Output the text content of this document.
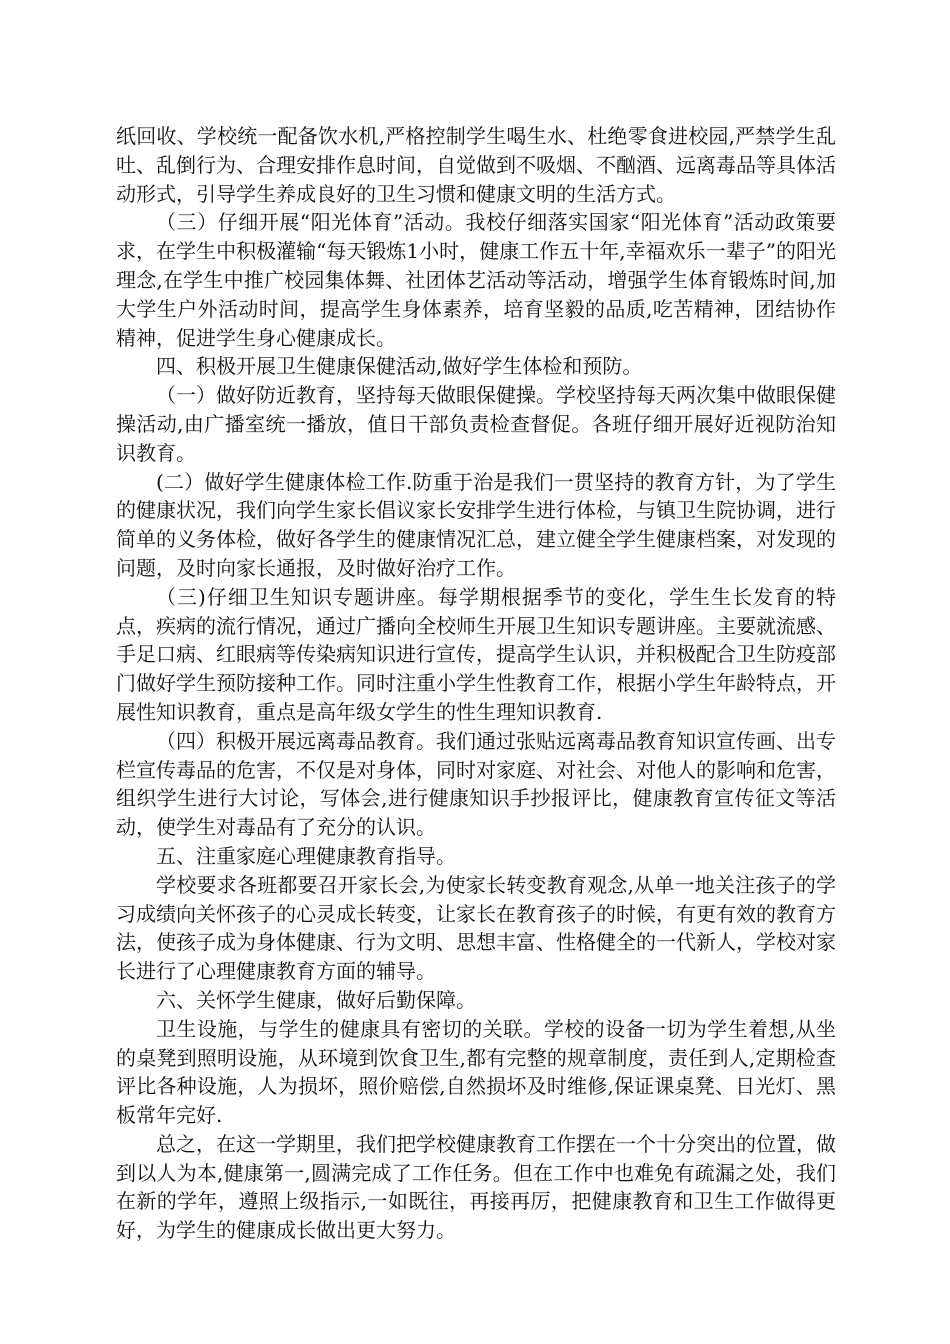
纸回收、学校统一配备饮水机,严格控制学生喝生水、杜绝零食进校园,严禁学生乱吐、乱倒行为、合理安排作息时间，自觉做到不吸烟、不酗酒、远离毒品等具体活动形式，引导学生养成良好的卫生习惯和健康文明的生活方式。

（三）仔细开展“阳光体育”活动。我校仔细落实国家“阳光体育”活动政策要求，在学生中积极灌输“每天锻炼1小时，健康工作五十年,幸福欢乐一辈子”的阳光理念,在学生中推广校园集体舞、社团体艺活动等活动，增强学生体育锻炼时间,加大学生户外活动时间，提高学生身体素养，培育坚毅的品质,吃苦精神，团结协作精神，促进学生身心健康成长。

四、积极开展卫生健康保健活动,做好学生体检和预防。

（一）做好防近教育，坚持每天做眼保健操。学校坚持每天两次集中做眼保健操活动,由广播室统一播放，值日干部负责检查督促。各班仔细开展好近视防治知识教育。

(二）做好学生健康体检工作.防重于治是我们一贯坚持的教育方针，为了学生的健康状况，我们向学生家长倡议家长安排学生进行体检，与镇卫生院协调，进行简单的义务体检，做好各学生的健康情况汇总，建立健全学生健康档案，对发现的问题，及时向家长通报，及时做好治疗工作。

（三)仔细卫生知识专题讲座。每学期根据季节的变化，学生生长发育的特点，疾病的流行情况，通过广播向全校师生开展卫生知识专题讲座。主要就流感、手足口病、红眼病等传染病知识进行宣传，提高学生认识，并积极配合卫生防疫部门做好学生预防接种工作。同时注重小学生性教育工作，根据小学生年龄特点，开展性知识教育，重点是高年级女学生的性生理知识教育.

（四）积极开展远离毒品教育。我们通过张贴远离毒品教育知识宣传画、出专栏宣传毒品的危害，不仅是对身体，同时对家庭、对社会、对他人的影响和危害，组织学生进行大讨论，写体会,进行健康知识手抄报评比，健康教育宣传征文等活动，使学生对毒品有了充分的认识。

五、注重家庭心理健康教育指导。

学校要求各班都要召开家长会,为使家长转变教育观念,从单一地关注孩子的学习成绩向关怀孩子的心灵成长转变，让家长在教育孩子的时候，有更有效的教育方法，使孩子成为身体健康、行为文明、思想丰富、性格健全的一代新人，学校对家长进行了心理健康教育方面的辅导。

六、关怀学生健康，做好后勤保障。

卫生设施，与学生的健康具有密切的关联。学校的设备一切为学生着想,从坐的桌凳到照明设施，从环境到饮食卫生,都有完整的规章制度，责任到人,定期检查评比各种设施，人为损坏，照价赔偿,自然损坏及时维修,保证课桌凳、日光灯、黑板常年完好.

总之，在这一学期里，我们把学校健康教育工作摆在一个十分突出的位置，做到以人为本,健康第一,圆满完成了工作任务。但在工作中也难免有疏漏之处，我们在新的学年，遵照上级指示,一如既往，再接再厉，把健康教育和卫生工作做得更好，为学生的健康成长做出更大努力。
